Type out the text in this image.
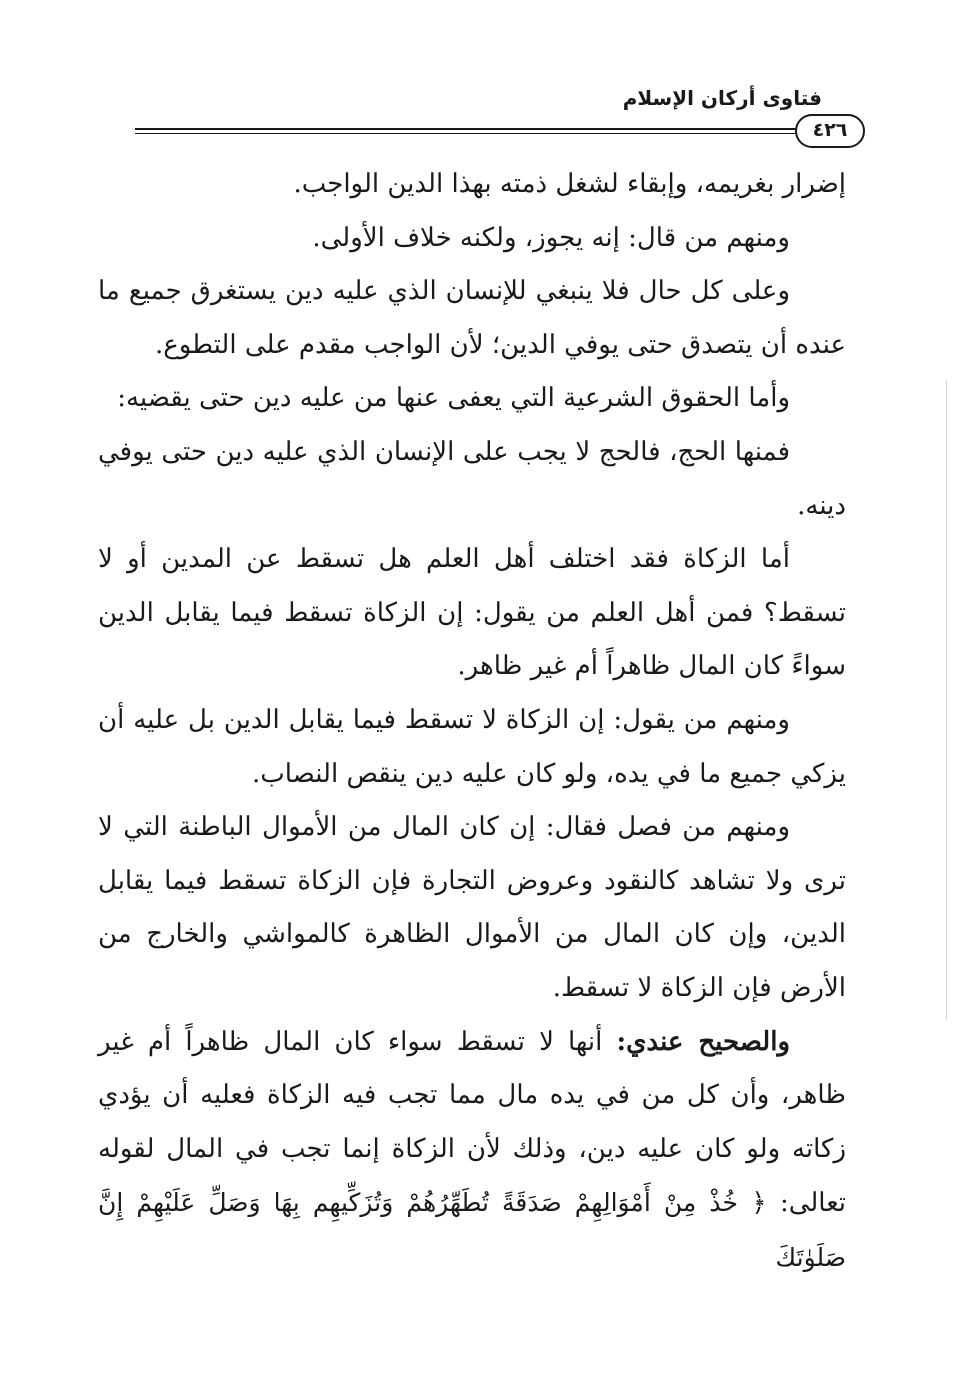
فتاوى أركان الإسلام
٤٢٦

إضرار بغريمه، وإبقاء لشغل ذمته بهذا الدين الواجب.

ومنهم من قال: إنه يجوز، ولكنه خلاف الأولى.

وعلى كل حال فلا ينبغي للإنسان الذي عليه دين يستغرق جميع ما عنده أن يتصدق حتى يوفي الدين؛ لأن الواجب مقدم على التطوع.

وأما الحقوق الشرعية التي يعفى عنها من عليه دين حتى يقضيه:

فمنها الحج، فالحج لا يجب على الإنسان الذي عليه دين حتى يوفي دينه.

أما الزكاة فقد اختلف أهل العلم هل تسقط عن المدين أو لا تسقط؟ فمن أهل العلم من يقول: إن الزكاة تسقط فيما يقابل الدين سواءً كان المال ظاهراً أم غير ظاهر.

ومنهم من يقول: إن الزكاة لا تسقط فيما يقابل الدين بل عليه أن يزكي جميع ما في يده، ولو كان عليه دين ينقص النصاب.

ومنهم من فصل فقال: إن كان المال من الأموال الباطنة التي لا ترى ولا تشاهد كالنقود وعروض التجارة فإن الزكاة تسقط فيما يقابل الدين، وإن كان المال من الأموال الظاهرة كالمواشي والخارج من الأرض فإن الزكاة لا تسقط.

والصحيح عندي: أنها لا تسقط سواء كان المال ظاهراً أم غير ظاهر، وأن كل من في يده مال مما تجب فيه الزكاة فعليه أن يؤدي زكاته ولو كان عليه دين، وذلك لأن الزكاة إنما تجب في المال لقوله تعالى: ﴿ خُذْ مِنْ أَمْوَالِهِمْ صَدَقَةً تُطَهِّرُهُمْ وَتُزَكِّيهِم بِهَا وَصَلِّ عَلَيْهِمْ إِنَّ صَلَوٰتَكَ
